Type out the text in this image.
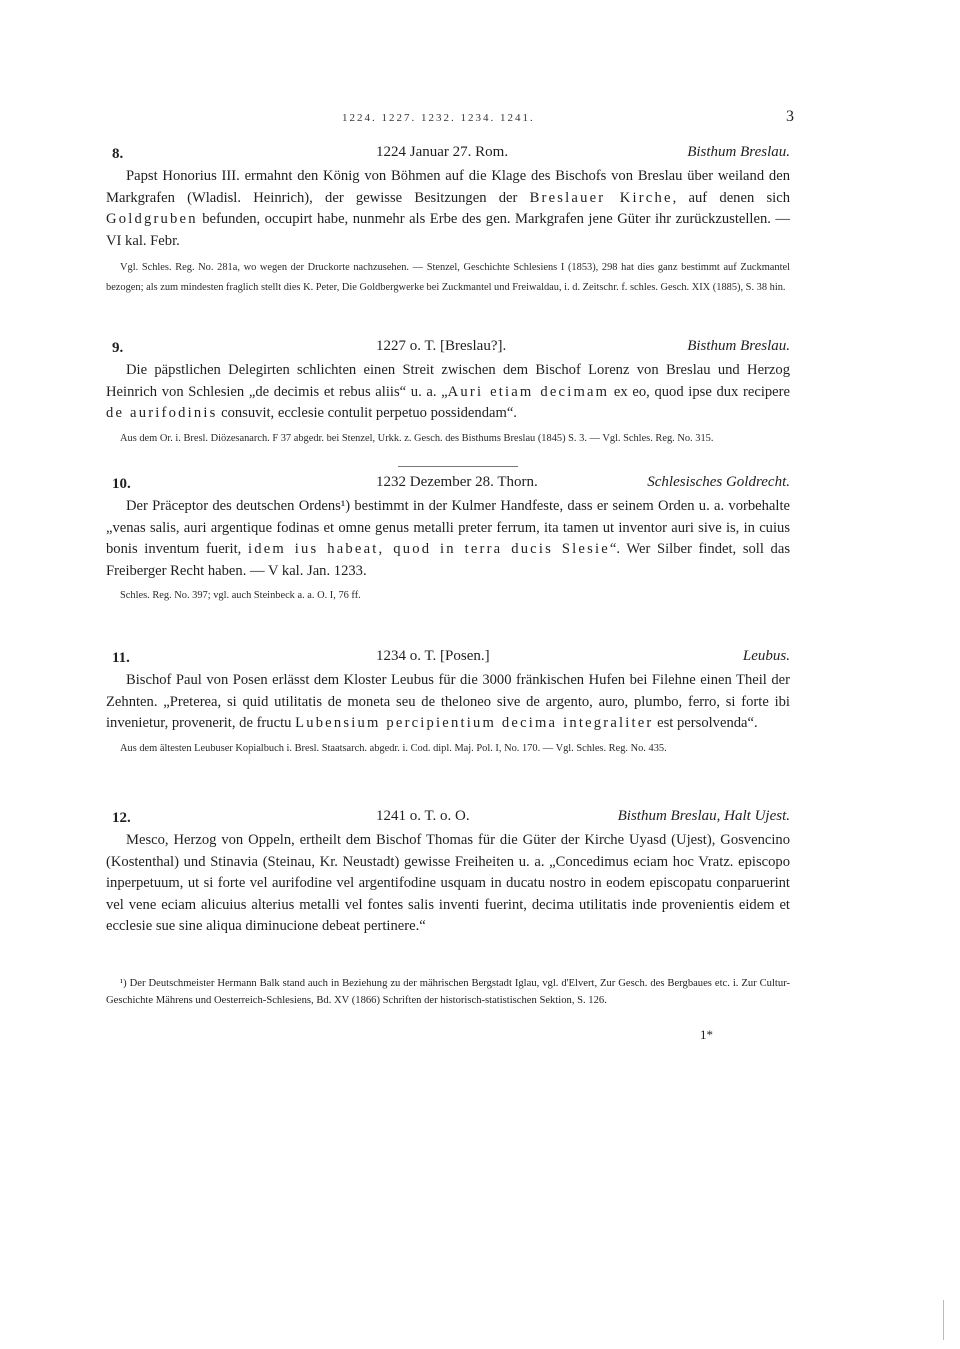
1224. 1227. 1232. 1234. 1241.	3
8.	1224 Januar 27. Rom.	Bisthum Breslau.

Papst Honorius III. ermahnt den König von Böhmen auf die Klage des Bischofs von Breslau über weiland den Markgrafen (Wladisl. Heinrich), der gewisse Besitzungen der Breslauer Kirche, auf denen sich Goldgruben befunden, occupirt habe, nunmehr als Erbe des gen. Markgrafen jene Güter ihr zurückzustellen. — VI kal. Febr.

Vgl. Schles. Reg. No. 281a, wo wegen der Druckorte nachzusehen. — Stenzel, Geschichte Schlesiens I (1853), 298 hat dies ganz bestimmt auf Zuckmantel bezogen; als zum mindesten fraglich stellt dies K. Peter, Die Goldbergwerke bei Zuckmantel und Freiwaldau, i. d. Zeitschr. f. schles. Gesch. XIX (1885), S. 38 hin.

9.	1227 o. T. [Breslau?].	Bisthum Breslau.

Die päpstlichen Delegirten schlichten einen Streit zwischen dem Bischof Lorenz von Breslau und Herzog Heinrich von Schlesien „de decimis et rebus aliis“ u. a. „Auri etiam decimam ex eo, quod ipse dux recipere de aurifodinis consuvit, ecclesie contulit perpetuo possidendam“.

Aus dem Or. i. Bresl. Diözesanarch. F 37 abgedr. bei Stenzel, Urkk. z. Gesch. des Bisthums Breslau (1845) S. 3. — Vgl. Schles. Reg. No. 315.

10.	1232 Dezember 28. Thorn.	Schlesisches Goldrecht.

Der Präceptor des deutschen Ordens¹) bestimmt in der Kulmer Handfeste, dass er seinem Orden u. a. vorbehalte „venas salis, auri argentique fodinas et omne genus metalli preter ferrum, ita tamen ut inventor auri sive is, in cuius bonis inventum fuerit, idem ius habeat, quod in terra ducis Slesie“. Wer Silber findet, soll das Freiberger Recht haben. — V kal. Jan. 1233.

Schles. Reg. No. 397; vgl. auch Steinbeck a. a. O. I, 76 ff.

11.	1234 o. T. [Posen.]	Leubus.

Bischof Paul von Posen erlässt dem Kloster Leubus für die 3000 fränkischen Hufen bei Filehne einen Theil der Zehnten. „Preterea, si quid utilitatis de moneta seu de theloneo sive de argento, auro, plumbo, ferro, si forte ibi invenietur, provenerit, de fructu Lubensium percipientium decima integraliter est persolvenda“.

Aus dem ältesten Leubuser Kopialbuch i. Bresl. Staatsarch. abgedr. i. Cod. dipl. Maj. Pol. I, No. 170. — Vgl. Schles. Reg. No. 435.

12.	1241 o. T. o. O.	Bisthum Breslau, Halt Ujest.

Mesco, Herzog von Oppeln, ertheilt dem Bischof Thomas für die Güter der Kirche Uyasd (Ujest), Gosvencino (Kostenthal) und Stinavia (Steinau, Kr. Neustadt) gewisse Freiheiten u. a. „Concedimus eciam hoc Vratz. episcopo inperpetuum, ut si forte vel aurifodine vel argentifodine usquam in ducatu nostro in eodem episcopatu conparuerint vel vene eciam alicuius alterius metalli vel fontes salis inventi fuerint, decima utilitatis inde provenientis eidem et ecclesie sue sine aliqua diminucione debeat pertinere.“

¹) Der Deutschmeister Hermann Balk stand auch in Beziehung zu der mährischen Bergstadt Iglau, vgl. d'Elvert, Zur Gesch. des Bergbaues etc. i. Zur Cultur-Geschichte Mährens und Oesterreich-Schlesiens, Bd. XV (1866) Schriften der historisch-statistischen Sektion, S. 126.

1*
